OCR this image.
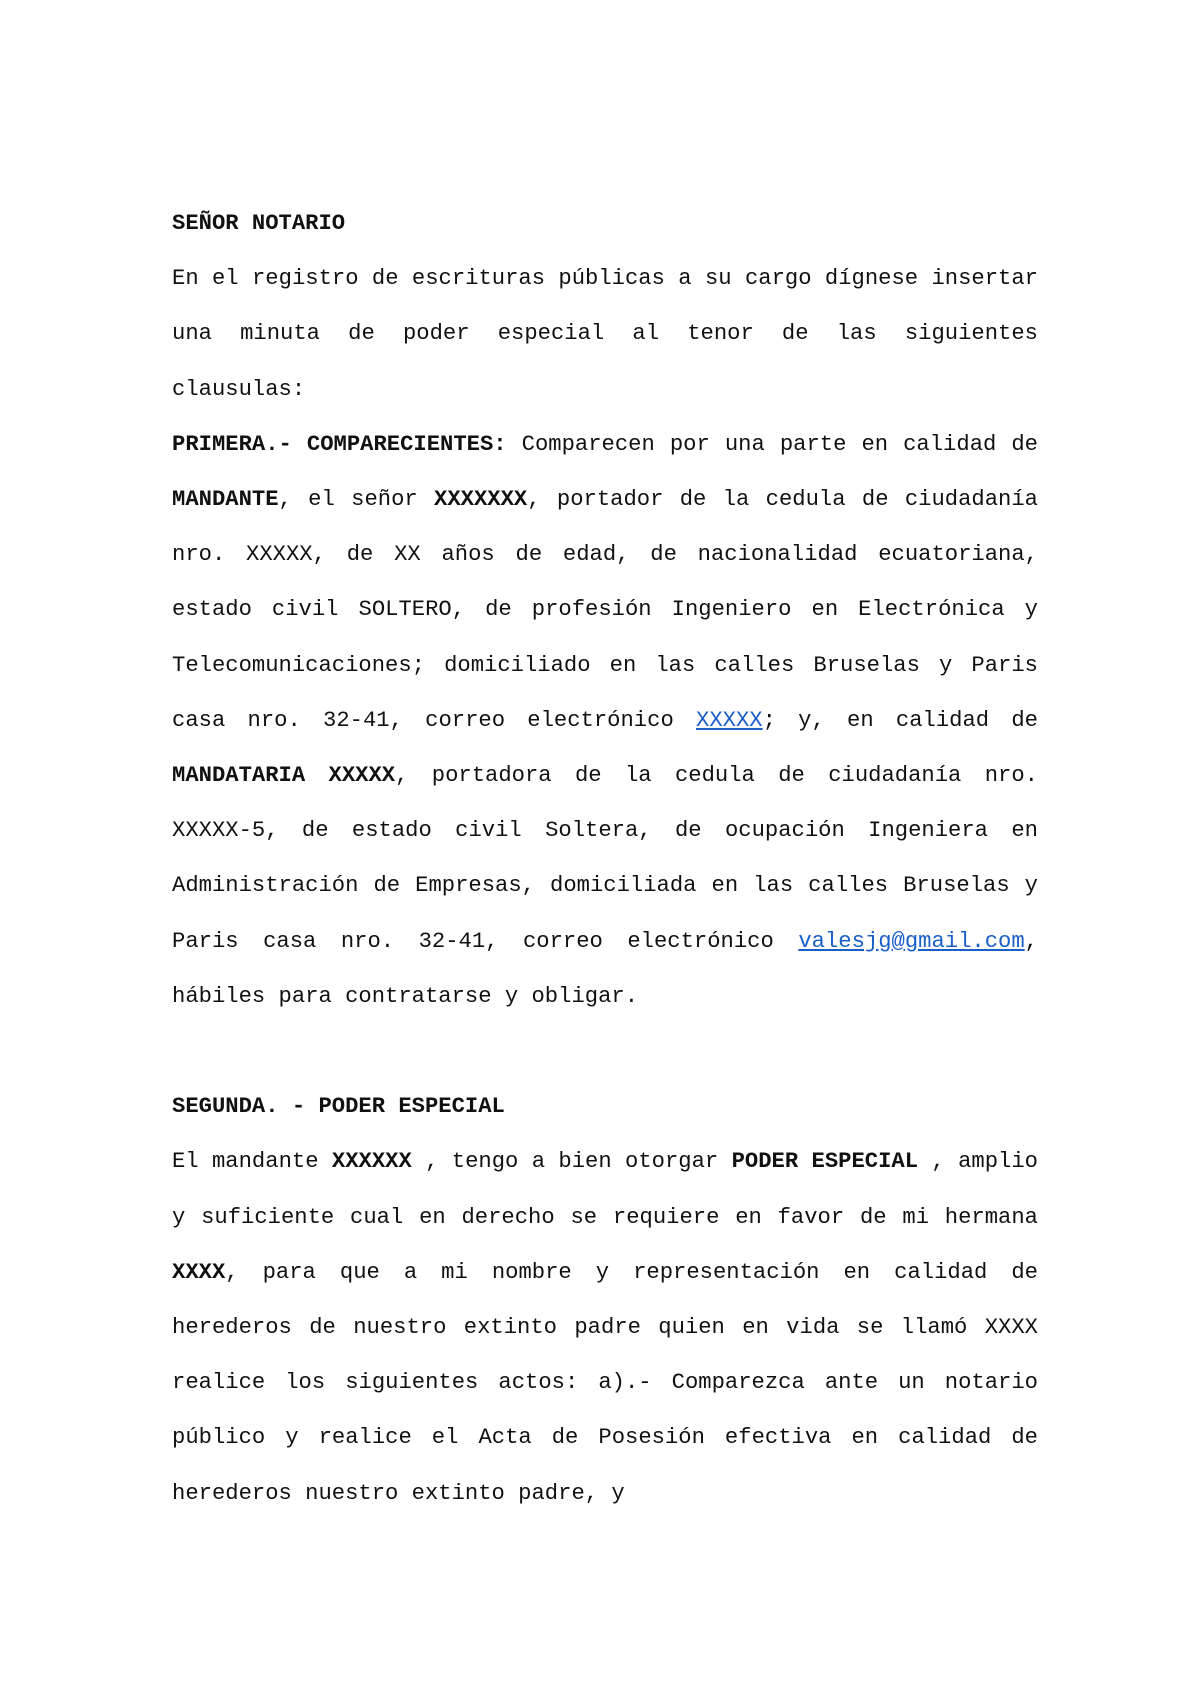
SEÑOR NOTARIO

En el registro de escrituras públicas a su cargo dígnese insertar una minuta de poder especial al tenor de las siguientes clausulas:

PRIMERA.- COMPARECIENTES: Comparecen por una parte en calidad de MANDANTE, el señor XXXXXXX, portador de la cedula de ciudadanía nro. XXXXX, de XX años de edad, de nacionalidad ecuatoriana, estado civil SOLTERO, de profesión Ingeniero en Electrónica y Telecomunicaciones; domiciliado en las calles Bruselas y Paris casa nro. 32-41, correo electrónico XXXXX; y, en calidad de MANDATARIA XXXXX, portadora de la cedula de ciudadanía nro. XXXXX-5, de estado civil Soltera, de ocupación Ingeniera en Administración de Empresas, domiciliada en las calles Bruselas y Paris casa nro. 32-41, correo electrónico valesjg@gmail.com, hábiles para contratarse y obligar.

SEGUNDA. - PODER ESPECIAL

El mandante XXXXXX , tengo a bien otorgar PODER ESPECIAL , amplio y suficiente cual en derecho se requiere en favor de mi hermana XXXX, para que a mi nombre y representación en calidad de herederos de nuestro extinto padre quien en vida se llamó XXXX realice los siguientes actos: a).- Comparezca ante un notario público y realice el Acta de Posesión efectiva en calidad de herederos nuestro extinto padre, y
